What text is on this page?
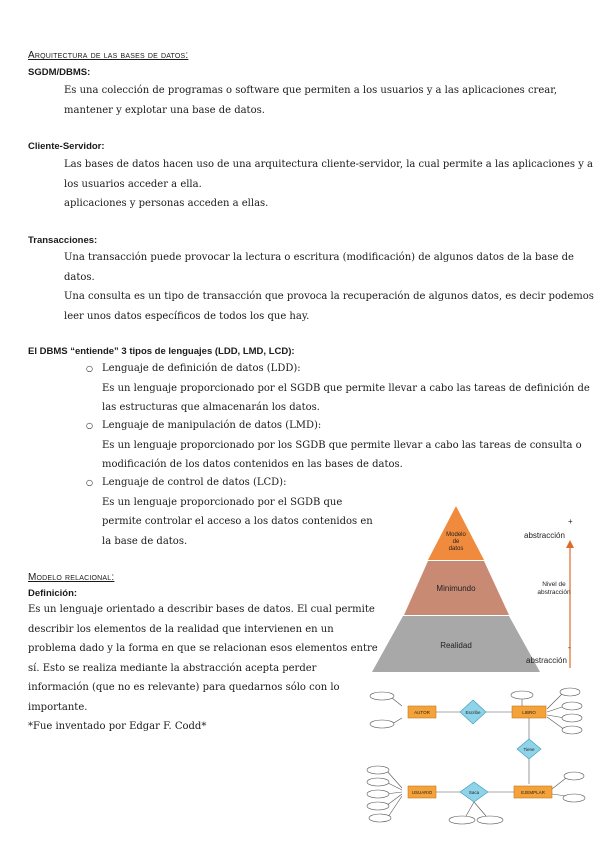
Arquitectura de las bases de datos:
SGDM/DBMS:
Es una colección de programas o software que permiten a los usuarios y a las aplicaciones crear,
mantener y explotar una base de datos.
Cliente-Servidor:
Las bases de datos hacen uso de una arquitectura cliente-servidor, la cual permite a las aplicaciones y a
los usuarios acceder a ella.
aplicaciones y personas acceden a ellas.
Transacciones:
Una transacción puede provocar la lectura o escritura (modificación) de algunos datos de la base de
datos.
Una consulta es un tipo de transacción que provoca la recuperación de algunos datos, es decir podemos
leer unos datos específicos de todos los que hay.
El DBMS “entiende” 3 tipos de lenguajes (LDD, LMD, LCD):
○ Lenguaje de definición de datos (LDD):
Es un lenguaje proporcionado por el SGDB que permite llevar a cabo las tareas de definición de
las estructuras que almacenarán los datos.
○ Lenguaje de manipulación de datos (LMD):
Es un lenguaje proporcionado por los SGDB que permite llevar a cabo las tareas de consulta o
modificación de los datos contenidos en las bases de datos.
○ Lenguaje de control de datos (LCD):
Es un lenguaje proporcionado por el SGDB que
permite controlar el acceso a los datos contenidos en
la base de datos.
Modelo relacional:
Definición:
Es un lenguaje orientado a describir bases de datos. El cual permite
describir los elementos de la realidad que intervienen en un
problema dado y la forma en que se relacionan esos elementos entre
sí. Esto se realiza mediante la abstracción acepta perder
información (que no es relevante) para quedarnos sólo con lo
importante.
*Fue inventado por Edgar F. Codd*
Modelo de datos
Minimundo
Realidad
+
abstracción
Nivel de abstracción
-
abstracción
AUTOR	LIBRO
EJEMPLAR
USUARIO
Escribe
Tiene
Saca
